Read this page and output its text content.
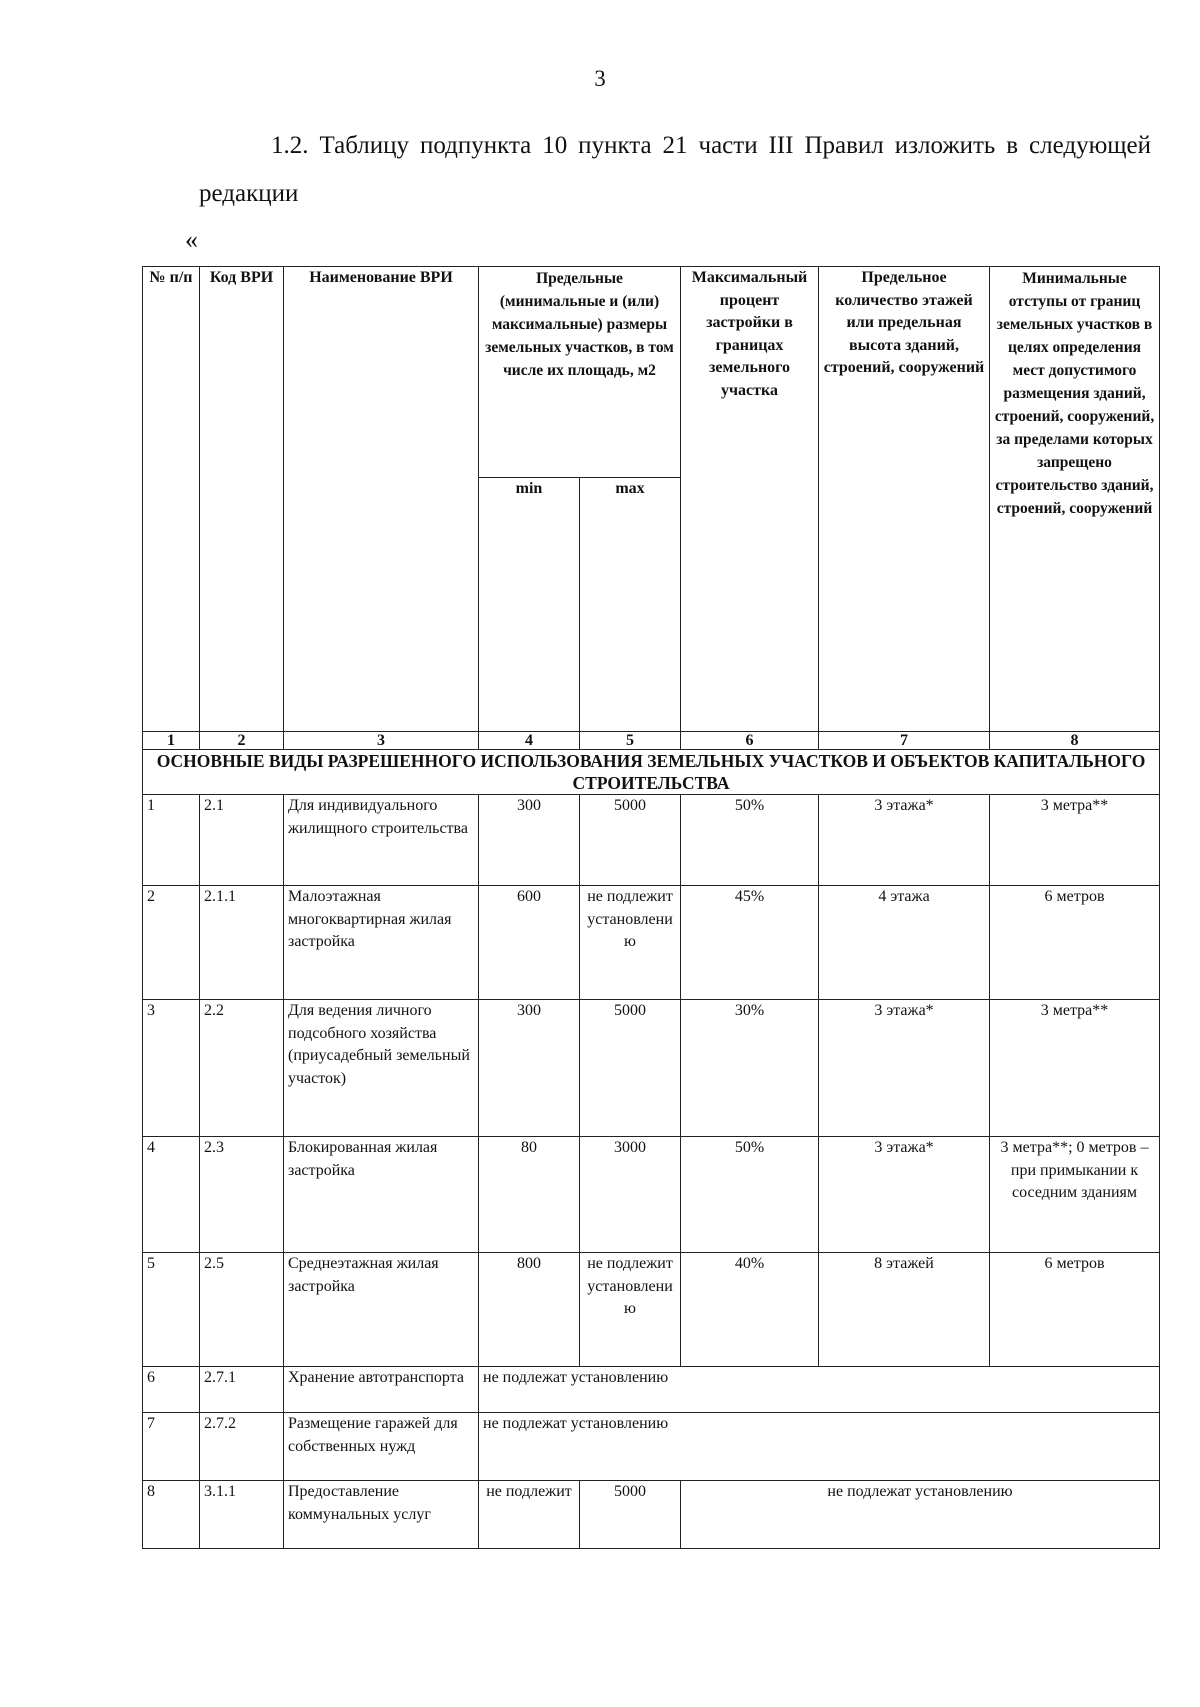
3

1.2. Таблицу подпункта 10 пункта 21 части III Правил изложить в следующей редакции

«

№ п/п	Код ВРИ	Наименование ВРИ	Предельные (минимальные и (или) максимальные) размеры земельных участков, в том числе их площадь, м2		Максимальный процент застройки в границах земельного участка	Предельное количество этажей или предельная высота зданий, строений, сооружений	Минимальные отступы от границ земельных участков в целях определения мест допустимого размещения зданий, строений, сооружений, за пределами которых запрещено строительство зданий, строений, сооружений
			min	max			
1	2	3	4	5	6	7	8
ОСНОВНЫЕ ВИДЫ РАЗРЕШЕННОГО ИСПОЛЬЗОВАНИЯ ЗЕМЕЛЬНЫХ УЧАСТКОВ И ОБЪЕКТОВ КАПИТАЛЬНОГО СТРОИТЕЛЬСТВА							
1	2.1	Для индивидуального жилищного строительства	300	5000	50%	3 этажа*	3 метра**
2	2.1.1	Малоэтажная многоквартирная жилая застройка	600	не подлежит установлению	45%	4 этажа	6 метров
3	2.2	Для ведения личного подсобного хозяйства (приусадебный земельный участок)	300	5000	30%	3 этажа*	3 метра**
4	2.3	Блокированная жилая застройка	80	3000	50%	3 этажа*	3 метра**; 0 метров – при примыкании к соседним зданиям
5	2.5	Среднеэтажная жилая застройка	800	не подлежит установлению	40%	8 этажей	6 метров
6	2.7.1	Хранение автотранспорта	не подлежат установлению				
7	2.7.2	Размещение гаражей для собственных нужд	не подлежат установлению				
8	3.1.1	Предоставление коммунальных услуг	не подлежит	5000	не подлежат установлению		
